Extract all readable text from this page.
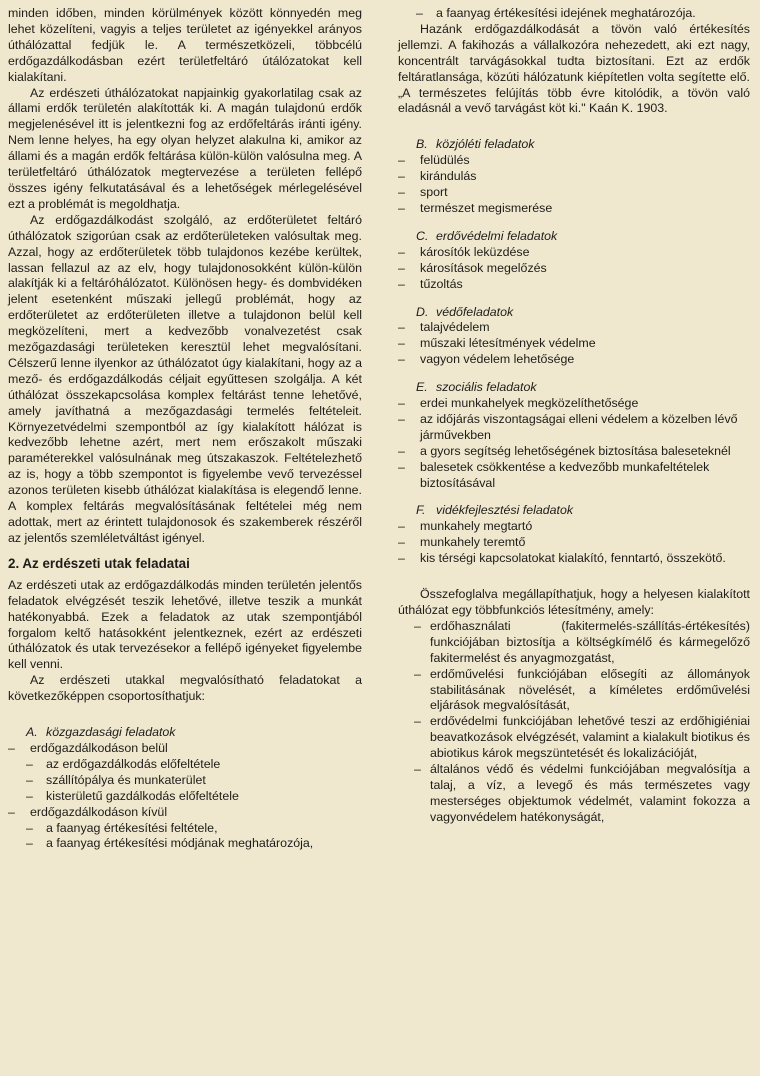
minden időben, minden körülmények között könnyedén meg lehet közelíteni, vagyis a teljes területet az igényekkel arányos úthálózattal fedjük le. A természetközeli, többcélú erdőgazdálkodásban ezért területfeltáró útálózatokat kell kialakítani.

Az erdészeti úthálózatokat napjainkig gyakorlatilag csak az állami erdők területén alakították ki. A magán tulajdonú erdők megjelenésével itt is jelentkezni fog az erdőfeltárás iránti igény. Nem lenne helyes, ha egy olyan helyzet alakulna ki, amikor az állami és a magán erdők feltárása külön-külön valósulna meg. A területfeltáró úthálózatok megtervezése a területen fellépő összes igény felkutatásával és a lehetőségek mérlegelésével ezt a problémát is megoldhatja.

Az erdőgazdálkodást szolgáló, az erdőterületet feltáró úthálózatok szigorúan csak az erdőterületeken valósultak meg. Azzal, hogy az erdőterületek több tulajdonos kezébe kerültek, lassan fellazul az az elv, hogy tulajdonosokként külön-külön alakítják ki a feltáróhálózatot. Különösen hegy- és dombvidéken jelent esetenként műszaki jellegű problémát, hogy az erdőterületet az erdőterületen illetve a tulajdonon belül kell megközelíteni, mert a kedvezőbb vonalvezetést csak mezőgazdasági területeken keresztül lehet megvalósítani. Célszerű lenne ilyenkor az úthálózatot úgy kialakítani, hogy az a mező- és erdőgazdálkodás céljait egyűttesen szolgálja. A két úthálózat összekapcsolása komplex feltárást tenne lehetővé, amely javíthatná a mezőgazdasági termelés feltételeit. Környezetvédelmi szempontból az így kialakított hálózat is kedvezőbb lehetne azért, mert nem erőszakolt műszaki paraméterekkel valósulnának meg útszakaszok. Feltételezhető az is, hogy a több szempontot is figyelembe vevő tervezéssel azonos területen kisebb úthálózat kialakítása is elegendő lenne. A komplex feltárás megvalósításának feltételei még nem adottak, mert az érintett tulajdonosok és szakemberek részéről az jelentős szemléletváltást igényel.

2. Az erdészeti utak feladatai

Az erdészeti utak az erdőgazdálkodás minden területén jelentős feladatok elvégzését teszik lehetővé, illetve teszik a munkát hatékonyabbá. Ezek a feladatok az utak szempontjából forgalom keltő hatásokként jelentkeznek, ezért az erdészeti úthálózatok és utak tervezésekor a fellépő igényeket figyelembe kell venni.

Az erdészeti utakkal megvalósítható feladatokat a következőképpen csoportosíthatjuk:

A. közgazdasági feladatok
– erdőgazdálkodáson belül
– az erdőgazdálkodás előfeltétele
– szállítópálya és munkaterület
– kisterületű gazdálkodás előfeltétele
– erdőgazdálkodáson kívül
– a faanyag értékesítési feltétele,
– a faanyag értékesítési módjának meghatározója,
– a faanyag értékesítési idejének meghatározója.

Hazánk erdőgazdálkodását a tövön való értékesítés jellemzi. A fakihozás a vállalkozóra nehezedett, aki ezt nagy, koncentrált tarvágásokkal tudta biztosítani. Ezt az erdők feltáratlansága, közúti hálózatunk kiépítetlen volta segítette elő. „A természetes felújítás több évre kitolódik, a tövön való eladásnál a vevő tarvágást köt ki." Kaán K. 1903.

B. közjóléti feladatok
– felüdülés
– kirándulás
– sport
– természet megismerése
C. erdővédelmi feladatok
– károsítók leküzdése
– károsítások megelőzés
– tűzoltás
D. védőfeladatok
– talajvédelem
– műszaki létesítmények védelme
– vagyon védelem lehetősége
E. szociális feladatok
– erdei munkahelyek megközelíthetősége
– az időjárás viszontagságai elleni védelem a közelben lévő járművekben
– a gyors segítség lehetőségének biztosítása baleseteknél
– balesetek csökkentése a kedvezőbb munkafeltételek biztosításával
F. vidékfejlesztési feladatok
– munkahely megtartó
– munkahely teremtő
– kis térségi kapcsolatokat kialakító, fenntartó, összekötő.

Összefoglalva megállapíthatjuk, hogy a helyesen kialakított úthálózat egy többfunkciós létesítmény, amely:

– erdőhasználati (fakitermelés-szállítás-értékesítés) funkciójában biztosítja a költségkímélő és kármegelőző fakitermelést és anyagmozgatást,
– erdőművelési funkciójában elősegíti az állományok stabilitásának növelését, a kíméletes erdőművelési eljárások megvalósítását,
– erdővédelmi funkciójában lehetővé teszi az erdőhigiéniai beavatkozások elvégzését, valamint a kialakult biotikus és abiotikus károk megszüntetését és lokalizációját,
– általános védő és védelmi funkciójában megvalósítja a talaj, a víz, a levegő és más természetes vagy mesterséges objektumok védelmét, valamint fokozza a vagyonvédelem hatékonyságát,
